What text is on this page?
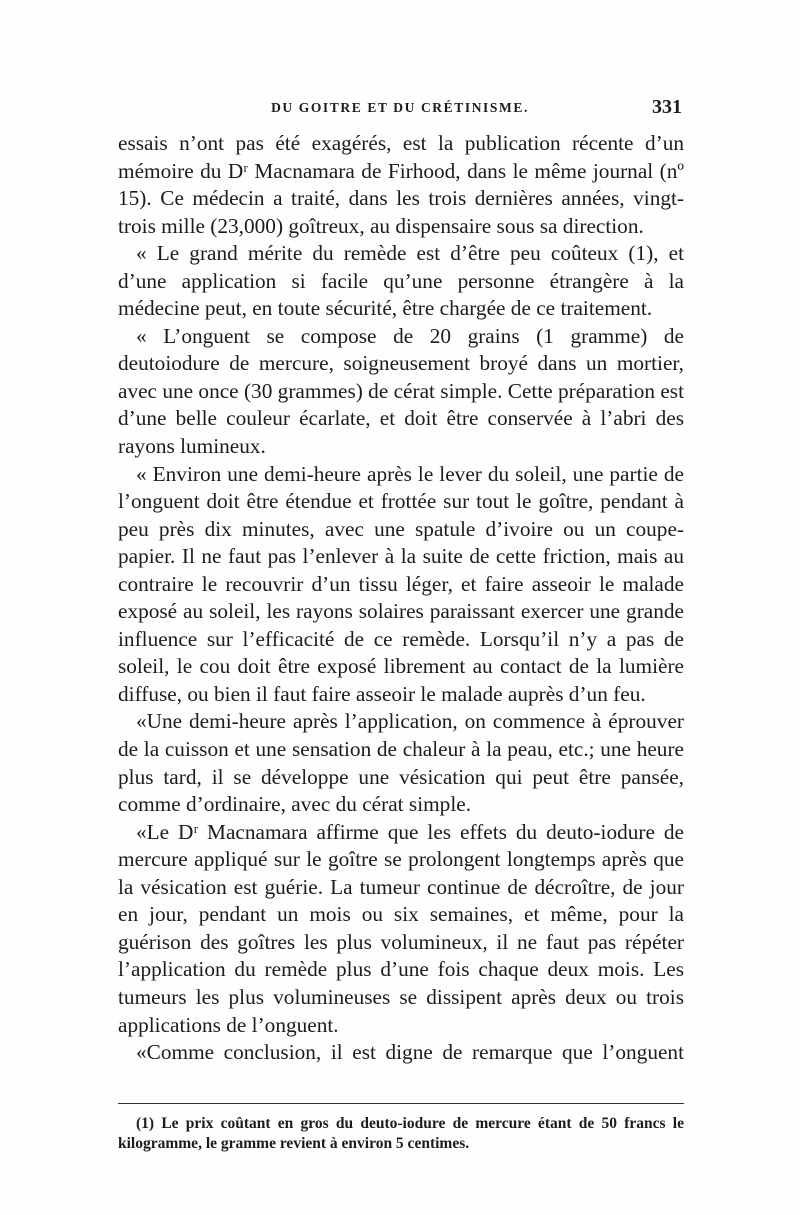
DU GOITRE ET DU CRÉTINISME.	331

essais n’ont pas été exagérés, est la publication récente d’un mémoire du Dʳ Macnamara de Firhood, dans le même journal (nº 15). Ce médecin a traité, dans les trois dernières années, vingt-trois mille (23,000) goîtreux, au dispensaire sous sa direction.

« Le grand mérite du remède est d’être peu coûteux (1), et d’une application si facile qu’une personne étrangère à la médecine peut, en toute sécurité, être chargée de ce traitement.

« L’onguent se compose de 20 grains (1 gramme) de deutoiodure de mercure, soigneusement broyé dans un mortier, avec une once (30 grammes) de cérat simple. Cette préparation est d’une belle couleur écarlate, et doit être conservée à l’abri des rayons lumineux.

« Environ une demi-heure après le lever du soleil, une partie de l’onguent doit être étendue et frottée sur tout le goître, pendant à peu près dix minutes, avec une spatule d’ivoire ou un coupe-papier. Il ne faut pas l’enlever à la suite de cette friction, mais au contraire le recouvrir d’un tissu léger, et faire asseoir le malade exposé au soleil, les rayons solaires paraissant exercer une grande influence sur l’efficacité de ce remède. Lorsqu’il n’y a pas de soleil, le cou doit être exposé librement au contact de la lumière diffuse, ou bien il faut faire asseoir le malade auprès d’un feu.

«Une demi-heure après l’application, on commence à éprouver de la cuisson et une sensation de chaleur à la peau, etc.; une heure plus tard, il se développe une vésication qui peut être pansée, comme d’ordinaire, avec du cérat simple.

«Le Dʳ Macnamara affirme que les effets du deuto-iodure de mercure appliqué sur le goître se prolongent longtemps après que la vésication est guérie. La tumeur continue de décroître, de jour en jour, pendant un mois ou six semaines, et même, pour la guérison des goîtres les plus volumineux, il ne faut pas répéter l’application du remède plus d’une fois chaque deux mois. Les tumeurs les plus volumineuses se dissipent après deux ou trois applications de l’onguent.

«Comme conclusion, il est digne de remarque que l’onguent

(1) Le prix coûtant en gros du deuto-iodure de mercure étant de 50 francs le kilogramme, le gramme revient à environ 5 centimes.
